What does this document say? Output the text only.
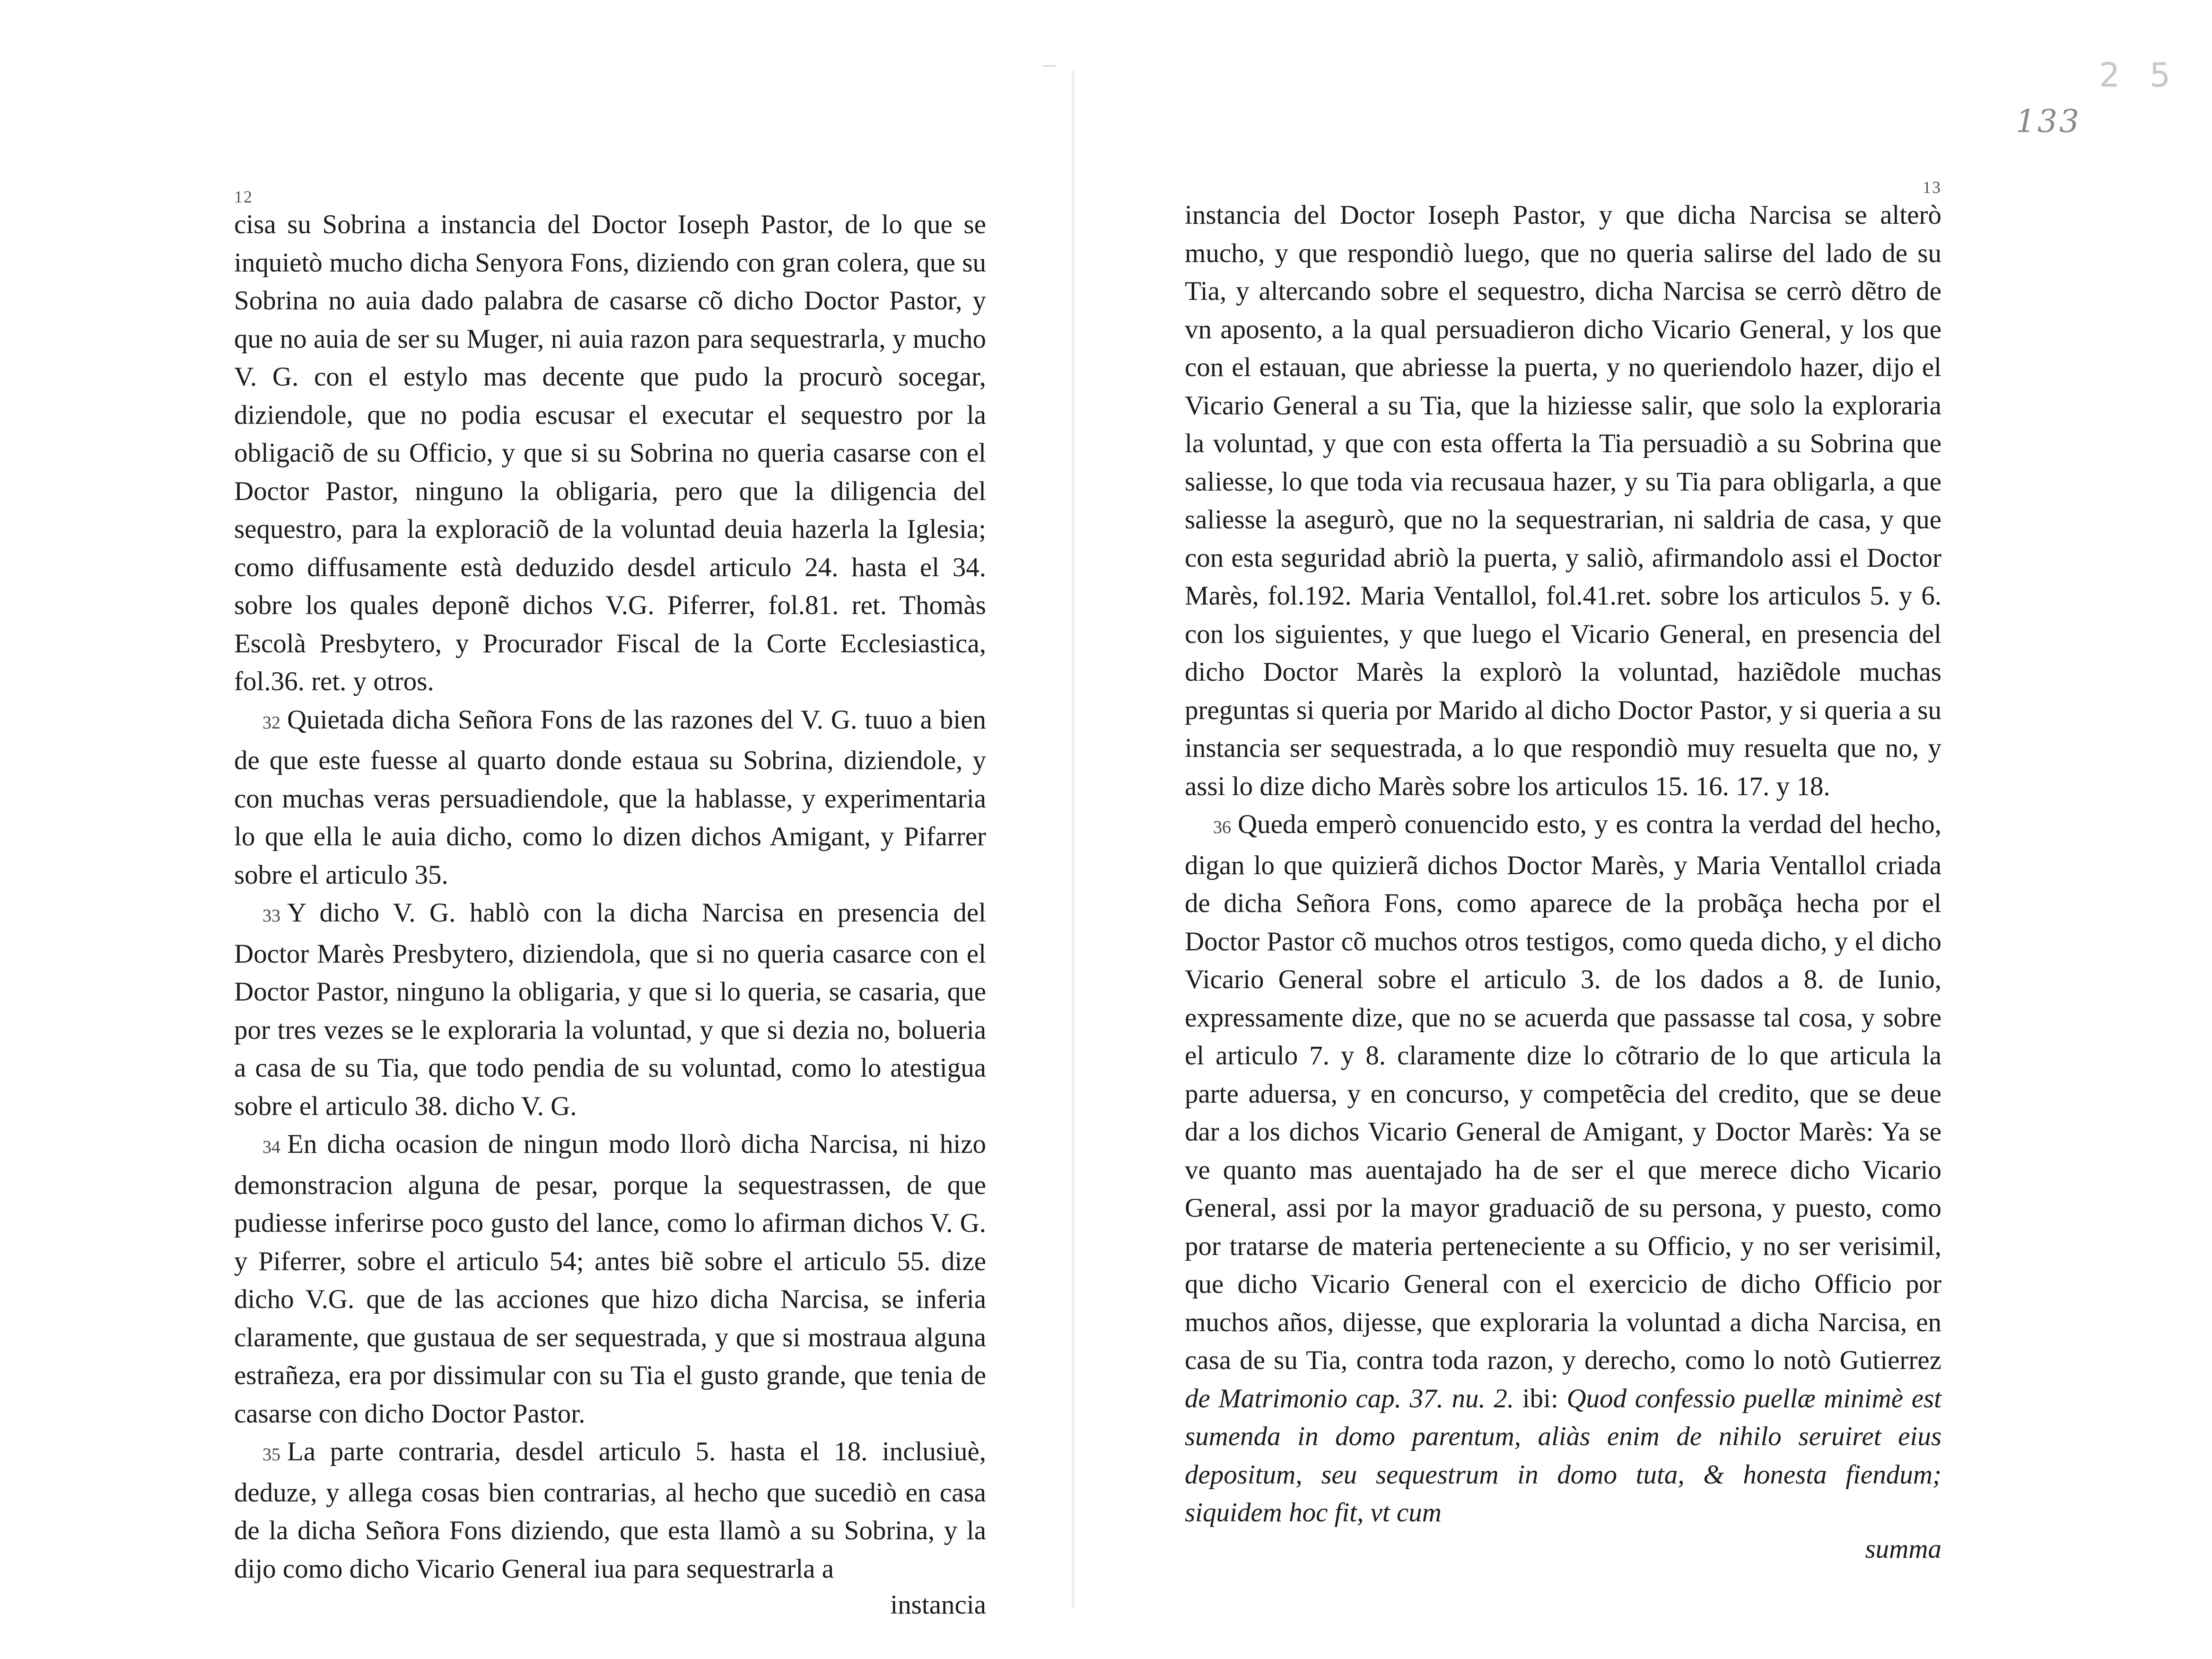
133
2 5
12

cisa su Sobrina a instancia del Doctor Ioseph Pastor, de lo que se inquietò mucho dicha Senyora Fons, diziendo con gran colera, que su Sobrina no auia dado palabra de casarse cõ dicho Doctor Pastor, y que no auia de ser su Muger, ni auia razon para sequestrarla, y mucho V. G. con el estylo mas decente que pudo la procurò socegar, diziendole, que no podia escusar el executar el sequestro por la obligaciõ de su Officio, y que si su Sobrina no queria casarse con el Doctor Pastor, ninguno la obligaria, pero que la diligencia del sequestro, para la exploraciõ de la voluntad deuia hazerla la Iglesia; como diffusamente està deduzido desdel articulo 24. hasta el 34. sobre los quales deponẽ dichos V.G. Piferrer, fol.81. ret. Thomàs Escolà Presbytero, y Procurador Fiscal de la Corte Ecclesiastica, fol.36. ret. y otros.

32 Quietada dicha Señora Fons de las razones del V. G. tuuo a bien de que este fuesse al quarto donde estaua su Sobrina, diziendole, y con muchas veras persuadiendole, que la hablasse, y experimentaria lo que ella le auia dicho, como lo dizen dichos Amigant, y Pifarrer sobre el articulo 35.

33 Y dicho V. G. hablò con la dicha Narcisa en presencia del Doctor Marès Presbytero, diziendola, que si no queria casarce con el Doctor Pastor, ninguno la obligaria, y que si lo queria, se casaria, que por tres vezes se le exploraria la voluntad, y que si dezia no, bolueria a casa de su Tia, que todo pendia de su voluntad, como lo atestigua sobre el articulo 38. dicho V. G.

34 En dicha ocasion de ningun modo llorò dicha Narcisa, ni hizo demonstracion alguna de pesar, porque la sequestrassen, de que pudiesse inferirse poco gusto del lance, como lo afirman dichos V. G. y Piferrer, sobre el articulo 54; antes biẽ sobre el articulo 55. dize dicho V.G. que de las acciones que hizo dicha Narcisa, se inferia claramente, que gustaua de ser sequestrada, y que si mostraua alguna estrañeza, era por dissimular con su Tia el gusto grande, que tenia de casarse con dicho Doctor Pastor.

35 La parte contraria, desdel articulo 5. hasta el 18. inclusiuè, deduze, y allega cosas bien contrarias, al hecho que sucediò en casa de la dicha Señora Fons diziendo, que esta llamò a su Sobrina, y la dijo como dicho Vicario General iua para sequestrarla a

instancia
13

instancia del Doctor Ioseph Pastor, y que dicha Narcisa se alterò mucho, y que respondiò luego, que no queria salirse del lado de su Tia, y altercando sobre el sequestro, dicha Narcisa se cerrò dẽtro de vn aposento, a la qual persuadieron dicho Vicario General, y los que con el estauan, que abriesse la puerta, y no queriendolo hazer, dijo el Vicario General a su Tia, que la hiziesse salir, que solo la exploraria la voluntad, y que con esta offerta la Tia persuadiò a su Sobrina que saliesse, lo que toda via recusaua hazer, y su Tia para obligarla, a que saliesse la asegurò, que no la sequestrarian, ni saldria de casa, y que con esta seguridad abriò la puerta, y saliò, afirmandolo assi el Doctor Marès, fol.192. Maria Ventallol, fol.41.ret. sobre los articulos 5. y 6. con los siguientes, y que luego el Vicario General, en presencia del dicho Doctor Marès la explorò la voluntad, haziẽdole muchas preguntas si queria por Marido al dicho Doctor Pastor, y si queria a su instancia ser sequestrada, a lo que respondiò muy resuelta que no, y assi lo dize dicho Marès sobre los articulos 15. 16. 17. y 18.

36 Queda emperò conuencido esto, y es contra la verdad del hecho, digan lo que quizierã dichos Doctor Marès, y Maria Ventallol criada de dicha Señora Fons, como aparece de la probãça hecha por el Doctor Pastor cõ muchos otros testigos, como queda dicho, y el dicho Vicario General sobre el articulo 3. de los dados a 8. de Iunio, expressamente dize, que no se acuerda que passasse tal cosa, y sobre el articulo 7. y 8. claramente dize lo cõtrario de lo que articula la parte aduersa, y en concurso, y competẽcia del credito, que se deue dar a los dichos Vicario General de Amigant, y Doctor Marès: Ya se ve quanto mas auentajado ha de ser el que merece dicho Vicario General, assi por la mayor graduaciõ de su persona, y puesto, como por tratarse de materia perteneciente a su Officio, y no ser verisimil, que dicho Vicario General con el exercicio de dicho Officio por muchos años, dijesse, que exploraria la voluntad a dicha Narcisa, en casa de su Tia, contra toda razon, y derecho, como lo notò Gutierrez de Matrimonio cap. 37. nu. 2. ibi: Quod confessio puellæ minimè est sumenda in domo parentum, aliàs enim de nihilo seruiret eius depositum, seu sequestrum in domo tuta, & honesta fiendum; siquidem hoc fit, vt cum

summa
